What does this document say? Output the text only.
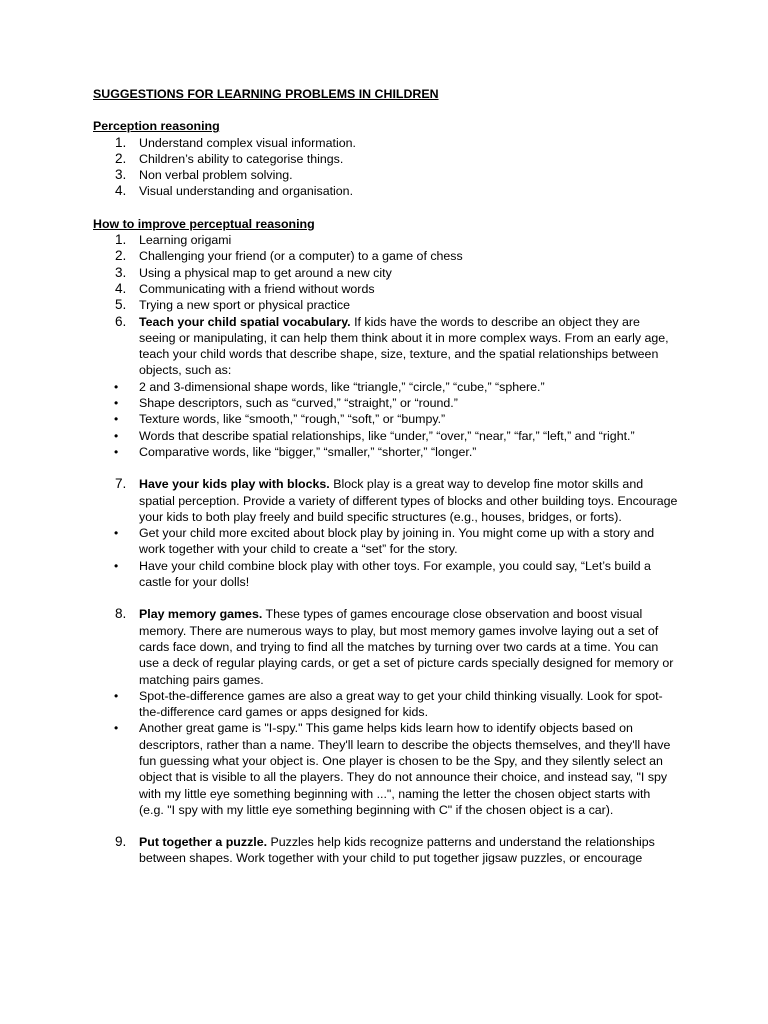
SUGGESTIONS FOR LEARNING PROBLEMS IN CHILDREN

Perception reasoning

1. Understand complex visual information.
2. Children’s ability to categorise things.
3. Non verbal problem solving.
4. Visual understanding and organisation.

How to improve perceptual reasoning

1. Learning origami
2. Challenging your friend (or a computer) to a game of chess
3. Using a physical map to get around a new city
4. Communicating with a friend without words
5. Trying a new sport or physical practice
6. Teach your child spatial vocabulary. If kids have the words to describe an object they are seeing or manipulating, it can help them think about it in more complex ways. From an early age, teach your child words that describe shape, size, texture, and the spatial relationships between objects, such as:
• 2 and 3-dimensional shape words, like “triangle,” “circle,” “cube,” “sphere.”
• Shape descriptors, such as “curved,” “straight,” or “round.”
• Texture words, like “smooth,” “rough,” “soft,” or “bumpy.”
• Words that describe spatial relationships, like “under,” “over,” “near,” “far,” “left,” and “right.”
• Comparative words, like “bigger,” “smaller,” “shorter,” “longer.”
7. Have your kids play with blocks. Block play is a great way to develop fine motor skills and spatial perception. Provide a variety of different types of blocks and other building toys. Encourage your kids to both play freely and build specific structures (e.g., houses, bridges, or forts).
• Get your child more excited about block play by joining in. You might come up with a story and work together with your child to create a “set” for the story.
• Have your child combine block play with other toys. For example, you could say, “Let’s build a castle for your dolls!
8. Play memory games. These types of games encourage close observation and boost visual memory. There are numerous ways to play, but most memory games involve laying out a set of cards face down, and trying to find all the matches by turning over two cards at a time. You can use a deck of regular playing cards, or get a set of picture cards specially designed for memory or matching pairs games.
• Spot-the-difference games are also a great way to get your child thinking visually. Look for spot-the-difference card games or apps designed for kids.
• Another great game is "I-spy." This game helps kids learn how to identify objects based on descriptors, rather than a name. They'll learn to describe the objects themselves, and they'll have fun guessing what your object is. One player is chosen to be the Spy, and they silently select an object that is visible to all the players. They do not announce their choice, and instead say, "I spy with my little eye something beginning with ...", naming the letter the chosen object starts with (e.g. "I spy with my little eye something beginning with C" if the chosen object is a car).
9. Put together a puzzle. Puzzles help kids recognize patterns and understand the relationships between shapes. Work together with your child to put together jigsaw puzzles, or encourage
